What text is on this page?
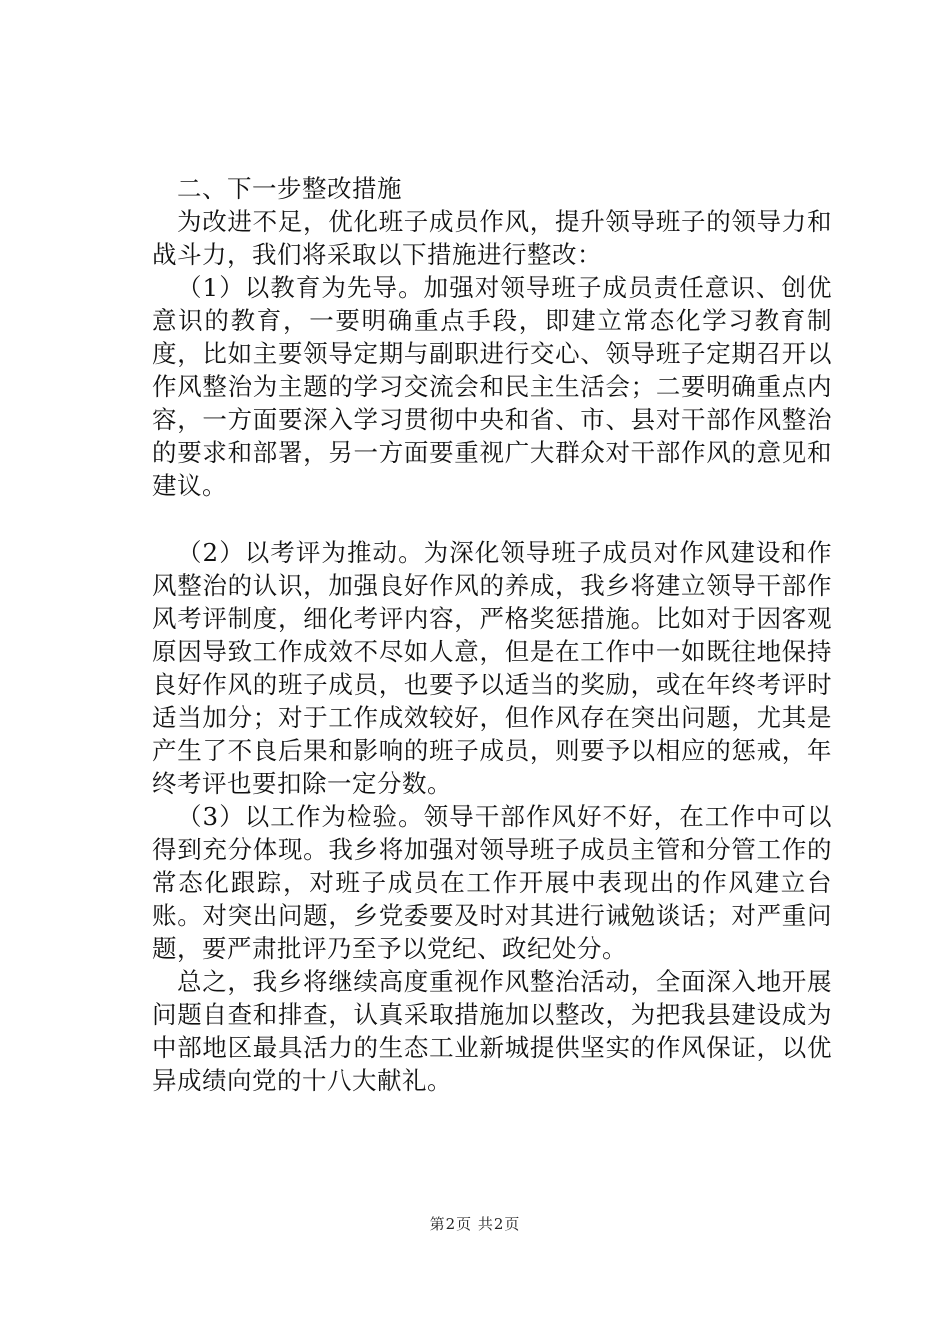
二、下一步整改措施

为改进不足，优化班子成员作风，提升领导班子的领导力和战斗力，我们将采取以下措施进行整改：

（1）以教育为先导。加强对领导班子成员责任意识、创优意识的教育，一要明确重点手段，即建立常态化学习教育制度，比如主要领导定期与副职进行交心、领导班子定期召开以作风整治为主题的学习交流会和民主生活会；二要明确重点内容，一方面要深入学习贯彻中央和省、市、县对干部作风整治的要求和部署，另一方面要重视广大群众对干部作风的意见和建议。

（2）以考评为推动。为深化领导班子成员对作风建设和作风整治的认识，加强良好作风的养成，我乡将建立领导干部作风考评制度，细化考评内容，严格奖惩措施。比如对于因客观原因导致工作成效不尽如人意，但是在工作中一如既往地保持良好作风的班子成员，也要予以适当的奖励，或在年终考评时适当加分；对于工作成效较好，但作风存在突出问题，尤其是产生了不良后果和影响的班子成员，则要予以相应的惩戒，年终考评也要扣除一定分数。

（3）以工作为检验。领导干部作风好不好，在工作中可以得到充分体现。我乡将加强对领导班子成员主管和分管工作的常态化跟踪，对班子成员在工作开展中表现出的作风建立台账。对突出问题，乡党委要及时对其进行诫勉谈话；对严重问题，要严肃批评乃至予以党纪、政纪处分。

总之，我乡将继续高度重视作风整治活动，全面深入地开展问题自查和排查，认真采取措施加以整改，为把我县建设成为中部地区最具活力的生态工业新城提供坚实的作风保证，以优异成绩向党的十八大献礼。

第2页 共2页
